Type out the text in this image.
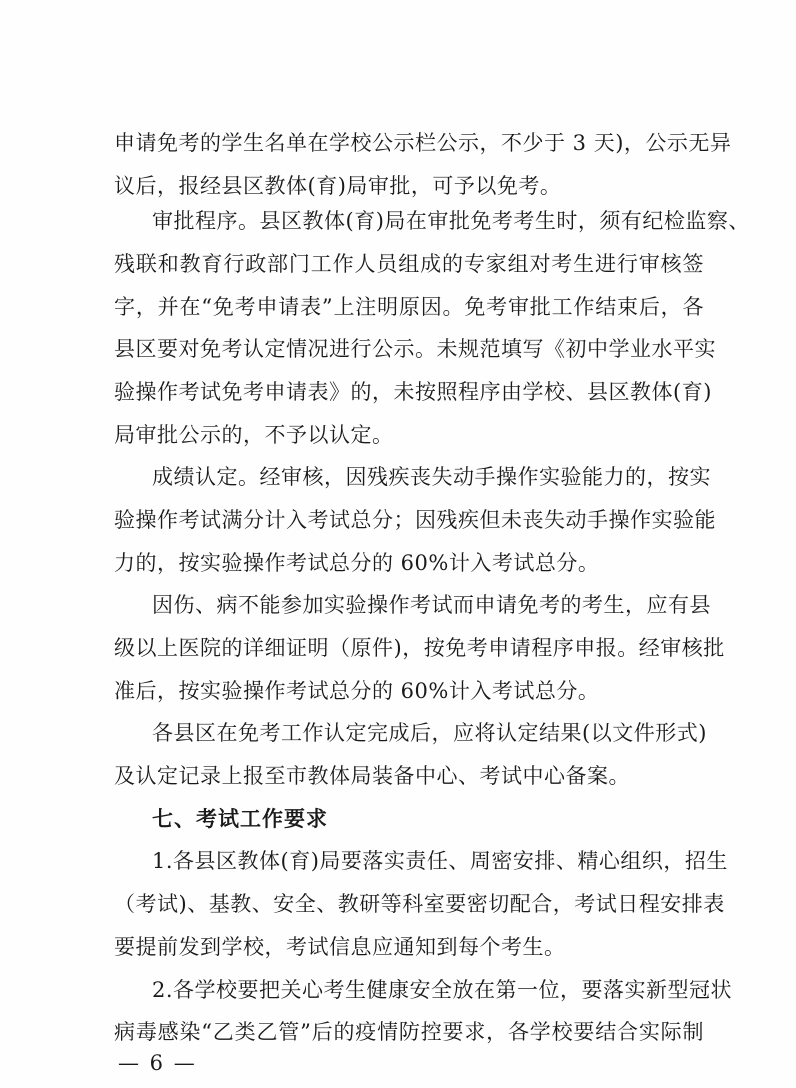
申请免考的学生名单在学校公示栏公示，不少于 3 天)，公示无异
议后，报经县区教体(育)局审批，可予以免考。
审批程序。县区教体(育)局在审批免考考生时，须有纪检监察、
残联和教育行政部门工作人员组成的专家组对考生进行审核签
字，并在“免考申请表”上注明原因。免考审批工作结束后，各
县区要对免考认定情况进行公示。未规范填写《初中学业水平实
验操作考试免考申请表》的，未按照程序由学校、县区教体(育)
局审批公示的，不予以认定。
成绩认定。经审核，因残疾丧失动手操作实验能力的，按实
验操作考试满分计入考试总分；因残疾但未丧失动手操作实验能
力的，按实验操作考试总分的 60%计入考试总分。
因伤、病不能参加实验操作考试而申请免考的考生，应有县
级以上医院的详细证明（原件)，按免考申请程序申报。经审核批
准后，按实验操作考试总分的 60%计入考试总分。
各县区在免考工作认定完成后，应将认定结果(以文件形式)
及认定记录上报至市教体局装备中心、考试中心备案。
七、考试工作要求
1.各县区教体(育)局要落实责任、周密安排、精心组织，招生
（考试)、基教、安全、教研等科室要密切配合，考试日程安排表
要提前发到学校，考试信息应通知到每个考生。
2.各学校要把关心考生健康安全放在第一位，要落实新型冠状
病毒感染“乙类乙管”后的疫情防控要求，各学校要结合实际制
— 6 —
